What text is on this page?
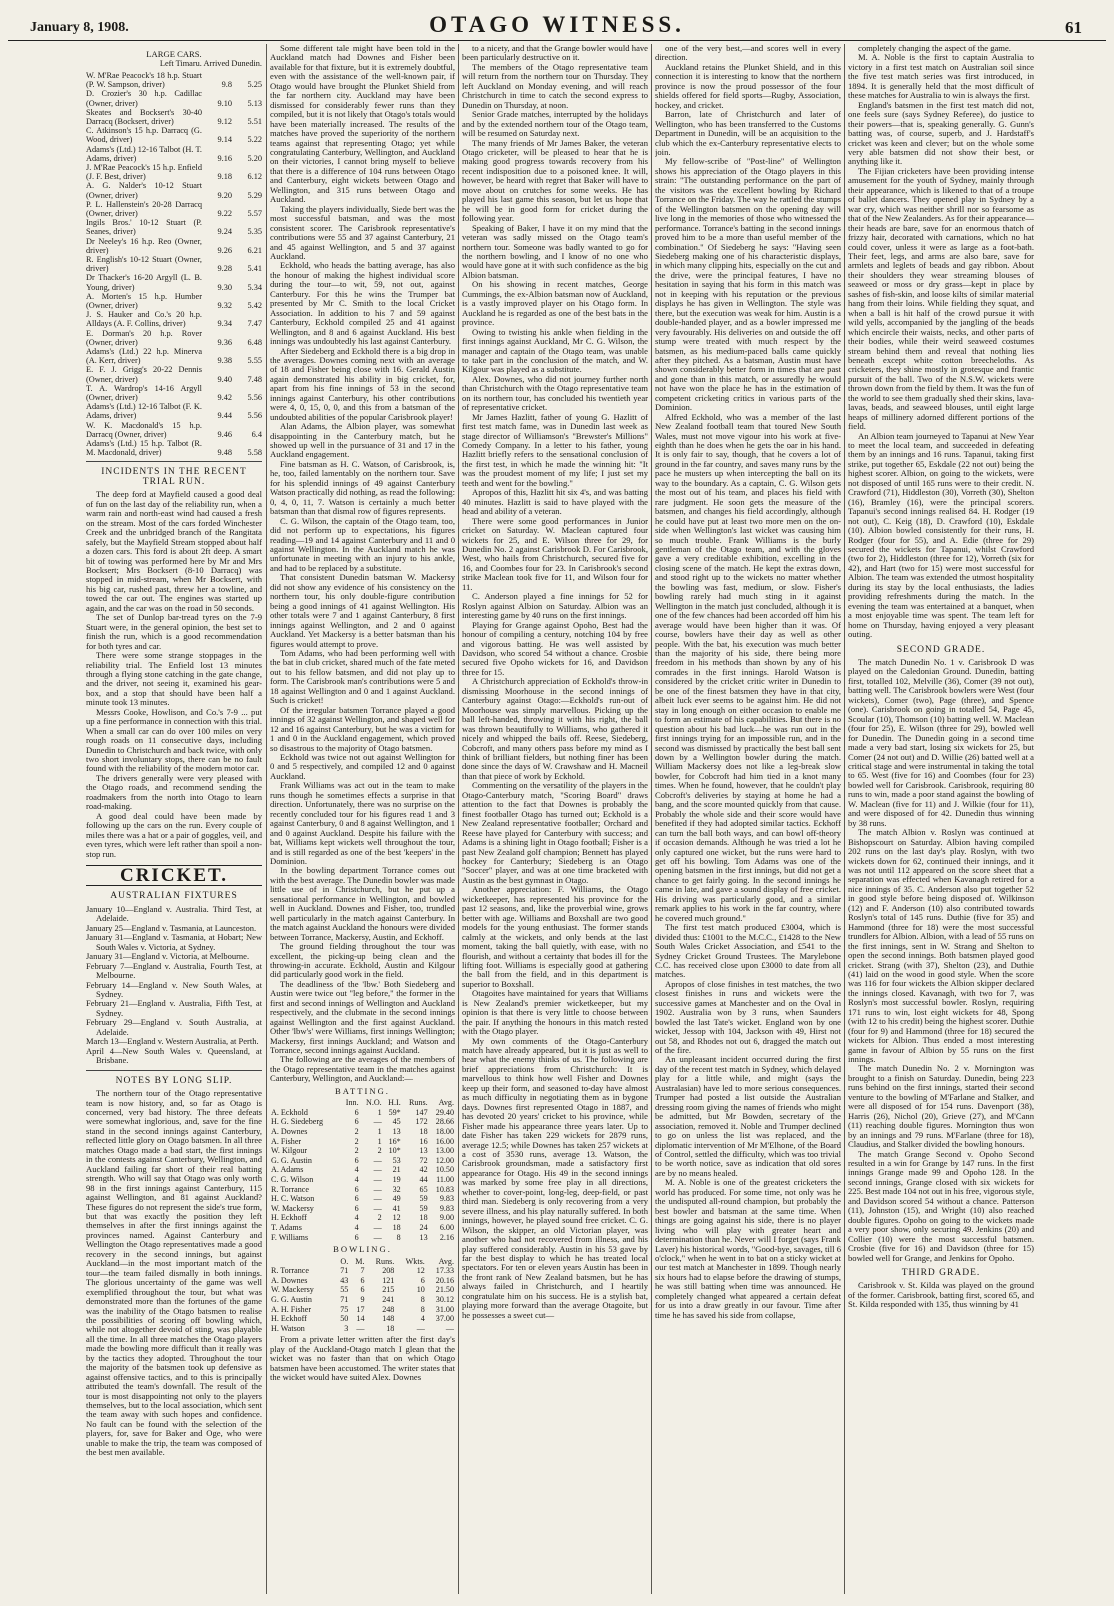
January 8, 1908.	OTAGO WITNESS.	61
LARGE CARS.
Left Timaru. Arrived Dunedin.
W. M'Rae Peacock's 18 h.p. Stuart (P. W. Sampson, driver)	9.8	5.25
D. Crozier's 30 h.p. Cadillac (Owner, driver)	9.10	5.13
Skeates and Bocksert's 30-40 Darracq (Bocksert, driver)	9.12	5.51
C. Atkinson's 15 h.p. Darracq (G. Wood, driver)	9.14	5.22
Adams's (Ltd.) 12-16 Talbot (H. T. Adams, driver)	9.16	5.20
J. M'Rae Peacock's 15 h.p. Enfield (J. F. Best, driver)	9.18	6.12
A. G. Nalder's 10-12 Stuart (Owner, driver)	9.20	5.29
P. L. Hallenstein's 20-28 Darracq (Owner, driver)	9.22	5.57
Ingils Bros.' 10-12 Stuart (P. Seanes, driver)	9.24	5.35
Dr Neeley's 16 h.p. Reo (Owner, driver)	9.26	6.21
R. English's 10-12 Stuart (Owner, driver)	9.28	5.41
Dr Thacker's 16-20 Argyll (L. B. Young, driver)	9.30	5.34
A. Morten's 15 h.p. Humber (Owner, driver)	9.32	5.42
J. S. Hauker and Co.'s 20 h.p. Alldays (A. F. Collins, driver)	9.34	7.47
E. Dorman's 20 h.p. Rover (Owner, driver)	9.36	6.48
Adams's (Ltd.) 22 h.p. Minerva (A. Kerr, driver)	9.38	5.55
E. F. J. Grigg's 20-22 Dennis (Owner, driver)	9.40	7.48
T. A. Wardrop's 14-16 Argyll (Owner, driver)	9.42	5.56
Adams's (Ltd.) 12-16 Talbot (F. K. Adams, driver)	9.44	5.56
W. K. Macdonald's 15 h.p. Darracq (Owner, driver)	9.46	6.4
Adams's (Ltd.) 15 h.p. Talbot (R. M. Macdonald, driver)	9.48	5.58
INCIDENTS IN THE RECENT TRIAL RUN.

The deep ford at Mayfield caused a good deal of fun on the last day of the reliability run, when a warm rain and north-east wind had caused a fresh on the stream. Most of the cars forded Winchester Creek and the unbridged branch of the Rangitata safely, but the Mayfield Stream stopped about half a dozen cars. This ford is about 2ft deep. A smart bit of towing was performed here by Mr and Mrs Bocksert; Mrs Bocksert (8-10 Darracq) was stopped in mid-stream, when Mr Bocksert, with his big car, rushed past, threw her a towline, and towed the car out. The engines was started up again, and the car was on the road in 50 seconds.

The set of Dunlop bar-tread tyres on the 7-9 Stuart were, in the general opinion, the best set to finish the run, which is a good recommendation for both tyres and car.

There were some strange stoppages in the reliability trial. The Enfield lost 13 minutes through a flying stone catching in the gate change, and the driver, not seeing it, examined his gear-box, and a stop that should have been half a minute took 13 minutes.

Messrs Cooke, Howlison, and Co.'s 7-9 ... put up a fine performance in connection with this trial. When a small car can do over 100 miles on very rough roads on 11 consecutive days, including Dunedin to Christchurch and back twice, with only two short involuntary stops, there can be no fault found with the reliability of the modern motor car.

The drivers generally were very pleased with the Otago roads, and recommend sending the roadmakers from the north into Otago to learn road-making.

A good deal could have been made by following up the cars on the run. Every couple of miles there was a hat or a pair of goggles, veil, and even tyres, which were left rather than spoil a non-stop run.

CRICKET.
AUSTRALIAN FIXTURES
January 10—England v. Australia. Third Test, at Adelaide.
January 25—England v. Tasmania, at Launceston.
January 31—England v. Tasmania, at Hobart; New South Wales v. Victoria, at Sydney.
January 31—England v. Victoria, at Melbourne.
February 7—England v. Australia, Fourth Test, at Melbourne.
February 14—England v. New South Wales, at Sydney.
February 21—England v. Australia, Fifth Test, at Sydney.
February 29—England v. South Australia, at Adelaide.
March 13—England v. Western Australia, at Perth.
April 4—New South Wales v. Queensland, at Brisbane.
NOTES BY LONG SLIP.

The northern tour of the Otago representative team is now history, and, so far as Otago is concerned, very bad history. The three defeats were somewhat inglorious, and, save for the fine stand in the second innings against Canterbury, reflected little glory on Otago batsmen. In all three matches Otago made a bad start, the first innings in the contests against Canterbury, Wellington, and Auckland failing far short of their real batting strength. Who will say that Otago was only worth 98 in the first innings against Canterbury, 115 against Wellington, and 81 against Auckland? These figures do not represent the side's true form, but that was exactly the position they left themselves in after the first innings against the provinces named. Against Canterbury and Wellington the Otago representatives made a good recovery in the second innings, but against Auckland—in the most important match of the tour—the team failed dismally in both innings. The glorious uncertainty of the game was well exemplified throughout the tour, but what was demonstrated more than the fortunes of the game was the inability of the Otago batsmen to realise the possibilities of scoring off bowling which, while not altogether devoid of sting, was playable all the time. In all three matches the Otago players made the bowling more difficult than it really was by the tactics they adopted. Throughout the tour the majority of the batsmen took up defensive as against offensive tactics, and to this is principally attributed the team's downfall. The result of the tour is most disappointing not only to the players themselves, but to the local association, which sent the team away with such hopes and confidence. No fault can be found with the selection of the players, for, save for Baker and Oge, who were unable to make the trip, the team was composed of the best men available.

Some different tale might have been told in the Auckland match had Downes and Fisher been available for that fixture, but it is extremely doubtful, even with the assistance of the well-known pair, if Otago would have brought the Plunket Shield from the far northern city. Auckland may have been dismissed for considerably fewer runs than they compiled, but it is not likely that Otago's totals would have been materially increased. The results of the matches have proved the superiority of the northern teams against that representing Otago; yet while congratulating Canterbury, Wellington, and Auckland on their victories, I cannot bring myself to believe that there is a difference of 104 runs between Otago and Canterbury, eight wickets between Otago and Wellington, and 315 runs between Otago and Auckland.

Taking the players individually, Siede bert was the most successful batsman, and was the most consistent scorer. The Carisbrook representative's contributions were 55 and 37 against Canterbury, 21 and 45 against Wellington, and 5 and 37 against Auckland.

Eckhold, who heads the batting average, has also the honour of making the highest individual score during the tour—to wit, 59, not out, against Canterbury. For this he wins the Trumper bat presented by Mr C. Smith to the local Cricket Association. In addition to his 7 and 59 against Canterbury, Eckhold compiled 25 and 41 against Wellington, and 8 and 6 against Auckland. His best innings was undoubtedly his last against Canterbury.

After Siedeberg and Eckhold there is a big drop in the averages. Downes coming next with an average of 18 and Fisher being close with 16. Gerald Austin again demonstrated his ability in big cricket, for, apart from his fine innings of 53 in the second innings against Canterbury, his other contributions were 4, 0, 15, 0, 0, and this from a batsman of the undoubted abilities of the popular Carisbrook player!

Alan Adams, the Albion player, was somewhat disappointing in the Canterbury match, but he showed up well in the pursuance of 31 and 17 in the Auckland engagement.

Fine batsman as H. C. Watson, of Carisbrook, is, he, too, failed lamentably on the northern tour. Save for his splendid innings of 49 against Canterbury Watson practically did nothing, as read the following: 0, 4, 0, 11, 7. Watson is certainly a much better batsman than that dismal row of figures represents.

C. G. Wilson, the captain of the Otago team, too, did not perform up to expectations, his figures reading—19 and 14 against Canterbury and 11 and 0 against Wellington. In the Auckland match he was unfortunate in meeting with an injury to his ankle, and had to be replaced by a substitute.

That consistent Dunedin batsman W. Mackersy did not show any evidence of his consistency on the northern tour, his only double-figure contribution being a good innings of 41 against Wellington. His other totals were 7 and 1 against Canterbury, 8 first innings against Wellington, and 2 and 0 against Auckland. Yet Mackersy is a better batsman than his figures would attempt to prove.

Tom Adams, who had been performing well with the bat in club cricket, shared much of the fate meted out to his fellow batsmen, and did not play up to form. The Carisbrook man's contributions were 5 and 18 against Wellington and 0 and 1 against Auckland. Such is cricket!

Of the irregular batsmen Torrance played a good innings of 32 against Wellington, and shaped well for 12 and 16 against Canterbury, but he was a victim for 1 and 0 in the Auckland engagement, which proved so disastrous to the majority of Otago batsmen.

Eckhold was twice not out against Wellington for 0 and 5 respectively, and compiled 12 and 0 against Auckland.

Frank Williams was act out in the team to make runs though he sometimes effects a surprise in that direction. Unfortunately, there was no surprise on the recently concluded tour for his figures read 1 and 3 against Canterbury, 0 and 8 against Wellington, and 1 and 0 against Auckland. Despite his failure with the bat, Williams kept wickets well throughout the tour, and is still regarded as one of the best 'keepers' in the Dominion.

In the bowling department Torrance comes out with the best average. The Dunedin bowler was made little use of in Christchurch, but he put up a sensational performance in Wellington, and bowled well in Auckland. Downes and Fisher, too, trundled well particularly in the match against Canterbury. In the match against Auckland the honours were divided between Torrance, Mackersy, Austin, and Eckhoff.

The ground fielding throughout the tour was excellent, the picking-up being clean and the throwing-in accurate. Eckhold, Austin and Kilgour did particularly good work in the field.

The deadliness of the 'lbw.' Both Siedeberg and Austin were twice out "leg before," the former in the first and second innings of Wellington and Auckland respectively, and the clubmate in the second innings against Wellington and the first against Auckland. Other 'lbw's' were Williams, first innings Wellington; Mackersy, first innings Auckland; and Watson and Torrance, second innings against Auckland.

The following are the averages of the members of the Otago representative team in the matches against Canterbury, Wellington, and Auckland:—

BATTING.
	Inn.	N.O.	H.I.	Runs.	Avg.
A. Eckhold	6	1	59*	147	29.40
H. G. Siedeberg	6	—	45	172	28.66
A. Downes	2	1	13	18	18.00
A. Fisher	2	1	16*	16	16.00
W. Kilgour	2	2	10*	13	13.00
G. G. Austin	6	—	53	72	12.00
A. Adams	4	—	21	42	10.50
C. G. Wilson	4	—	19	44	11.00
R. Torrance	6	—	32	65	10.83
H. C. Watson	6	—	49	59	9.83
W. Mackersy	6	—	41	59	9.83
H. Eckhoff	4	2	12	18	9.00
T. Adams	4	—	18	24	6.00
F. Williams	6	—	8	13	2.16
BOWLING.
	O.	M.	Runs.	Wkts.	Avg.
R. Torrance	71	7	208	12	17.33
A. Downes	43	6	121	6	20.16
W. Mackersy	55	6	215	10	21.50
G. G. Austin	71	9	241	8	30.12
A. H. Fisher	75	17	248	8	31.00
H. Eckhoff	50	14	148	4	37.00
H. Watson	3	—	18	—	—

From a private letter written after the first day's play of the Auckland-Otago match I glean that the wicket was no faster than that on which Otago batsmen have been accustomed. The writer states that the wicket would have suited Alex. Downes

to a nicety, and that the Grange bowler would have been particularly destructive on it.

The members of the Otago representative team will return from the northern tour on Thursday. They left Auckland on Monday evening, and will reach Christchurch in time to catch the second express to Dunedin on Thursday, at noon.

Senior Grade matches, interrupted by the holidays and by the extended northern tour of the Otago team, will be resumed on Saturday next.

The many friends of Mr James Baker, the veteran Otago cricketer, will be pleased to hear that he is making good progress towards recovery from his recent indisposition due to a poisoned knee. It will, however, be heard with regret that Baker will have to move about on crutches for some weeks. He has played his last game this season, but let us hope that he will be in good form for cricket during the following year.

Speaking of Baker, I have it on my mind that the veteran was sadly missed on the Otago team's northern tour. Someone was badly wanted to go for the northern bowling, and I know of no one who would have gone at it with such confidence as the big Albion batsman.

On his showing in recent matches, George Cummings, the ex-Albion batsman now of Auckland, is a vastly improved player on his Otago form. In Auckland he is regarded as one of the best bats in the province.

Owing to twisting his ankle when fielding in the first innings against Auckland, Mr C. G. Wilson, the manager and captain of the Otago team, was unable to take part in the conclusion of the match, and W. Kilgour was played as a substitute.

Alex. Downes, who did not journey further north than Christchurch with the Otago representative team on its northern tour, has concluded his twentieth year of representative cricket.

Mr James Hazlitt, father of young G. Hazlitt of first test match fame, was in Dunedin last week as stage director of Williamson's "Brewster's Millions" Comedy Company. In a letter to his father, young Hazlitt briefly refers to the sensational conclusion of the first test, in which he made the winning hit: "It was the proudest moment of my life; I just set my teeth and went for the bowling."

Apropos of this, Hazlitt hit six 4's, and was batting 40 minutes. Hazlitt is said to have played with the head and ability of a veteran.

There were some good performances in Junior cricket on Saturday. W. Maclean captured four wickets for 25, and E. Wilson three for 29, for Dunedin No. 2 against Carisbrook D. For Carisbrook, West, who hails from Christchurch, secured five for 16, and Coombes four for 23. In Carisbrook's second strike Maclean took five for 11, and Wilson four for 11.

C. Anderson played a fine innings for 52 for Roslyn against Albion on Saturday. Albion was an interesting game by 40 runs on the first innings.

Playing for Grange against Opoho, Best had the honour of compiling a century, notching 104 by free and vigorous batting. He was well assisted by Davidson, who scored 54 without a chance. Crosbie secured five Opoho wickets for 16, and Davidson three for 15.

A Christchurch appreciation of Eckhold's throw-in dismissing Moorhouse in the second innings of Canterbury against Otago:—Eckhold's run-out of Moorhouse was simply marvellous. Picking up the ball left-handed, throwing it with his right, the ball was thrown beautifully to Williams, who gathered it nicely and whipped the bails off. Reese, Siedeberg, Cobcroft, and many others pass before my mind as I think of brilliant fielders, but nothing finer has been done since the days of W. Crawshaw and H. Macneil than that piece of work by Eckhold.

Commenting on the versatility of the players in the Otago-Canterbury match, "Scoring Board" draws attention to the fact that Downes is probably the finest footballer Otago has turned out; Eckhold is a New Zealand representative footballer; Orchard and Reese have played for Canterbury with success; and Adams is a shining light in Otago football; Fisher is a past New Zealand golf champion; Bennett has played hockey for Canterbury; Siedeberg is an Otago "Soccer" player, and was at one time bracketed with Austin as the best gymnast in Otago.

Another appreciation: F. Williams, the Otago wicketkeeper, has represented his province for the past 12 seasons, and, like the proverbial wine, grows better with age. Williams and Boxshall are two good models for the young enthusiast. The former stands calmly at the wickets, and only bends at the last moment, taking the ball quietly, with ease, with no flourish, and without a certainty that bodes ill for the lifting foot. Williams is especially good at gathering the ball from the field, and in this department is superior to Boxshall.

Otagoites have maintained for years that Williams is New Zealand's premier wicketkeeper, but my opinion is that there is very little to choose between the pair. If anything the honours in this match rested with the Otago player.

My own comments of the Otago-Canterbury match have already appeared, but it is just as well to hear what the enemy thinks of us. The following are brief appreciations from Christchurch: It is marvellous to think how well Fisher and Downes keep up their form, and seasoned to-day have almost as much difficulty in negotiating them as in bygone days. Downes first represented Otago in 1887, and has devoted 20 years' cricket to his province, while Fisher made his appearance three years later. Up to date Fisher has taken 229 wickets for 2879 runs, average 12.5; while Downes has taken 257 wickets at a cost of 3530 runs, average 13. Watson, the Carisbrook groundsman, made a satisfactory first appearance for Otago. His 49 in the second innings was marked by some free play in all directions, whether to cover-point, long-leg, deep-field, or past third man. Siedeberg is only recovering from a very severe illness, and his play naturally suffered. In both innings, however, he played sound free cricket. C. G. Wilson, the skipper, an old Victorian player, was another who had not recovered from illness, and his play suffered considerably. Austin in his 53 gave by far the best display to which he has treated local spectators. For ten or eleven years Austin has been in the front rank of New Zealand batsmen, but he has always failed in Christchurch, and I heartily congratulate him on his success. He is a stylish bat, playing more forward than the average Otagoite, but he possesses a sweet cut—

one of the very best,—and scores well in every direction.

Auckland retains the Plunket Shield, and in this connection it is interesting to know that the northern province is now the proud possessor of the four shields offered for field sports—Rugby, Association, hockey, and cricket.

Barron, late of Christchurch and later of Wellington, who has been transferred to the Customs Department in Dunedin, will be an acquisition to the club which the ex-Canterbury representative elects to join.

My fellow-scribe of "Post-line" of Wellington shows his appreciation of the Otago players in this strain: "The outstanding performance on the part of the visitors was the excellent bowling by Richard Torrance on the Friday. The way he rattled the stumps of the Wellington batsmen on the opening day will live long in the memories of those who witnessed the performance. Torrance's batting in the second innings proved him to be a more than useful member of the combination." Of Siedeberg he says: "Having seen Siedeberg making one of his characteristic displays, in which many clipping hits, especially on the cut and the drive, were the principal features, I have no hesitation in saying that his form in this match was not in keeping with his reputation or the previous displays he has given in Wellington. The style was there, but the execution was weak for him. Austin is a double-handed player, and as a bowler impressed me very favourably. His deliveries on and outside the off stump were treated with much respect by the batsmen, as his medium-paced balls came quickly after they pitched. As a batsman, Austin must have shown considerably better form in times that are past and gone than in this match, or assuredly he would not have won the place he has in the estimation of competent cricketing critics in various parts of the Dominion.

Alfred Eckhold, who was a member of the last New Zealand football team that toured New South Wales, must not move vigour into his work at five-eighth than he does when he gets the oar in his hand. It is only fair to say, though, that he covers a lot of ground in the far country, and saves many runs by the pace he musters up when intercepting the ball on its way to the boundary. As a captain, C. G. Wilson gets the most out of his team, and places his field with rare judgment. He soon gets the measure of the batsmen, and changes his field accordingly, although he could have put at least two more men on the on-side when Wellington's last wicket was causing him so much trouble. Frank Williams is the burly gentleman of the Otago team, and with the gloves gave a very creditable exhibition, excelling in the closing scene of the match. He kept the extras down, and stood right up to the wickets no matter whether the bowling was fast, medium, or slow. Fisher's bowling rarely had much sting in it against Wellington in the match just concluded, although it is one of the few chances had been accorded off him his average would have been higher than it was. Of course, bowlers have their day as well as other people. With the bat, his execution was much better than the majority of his side, there being more freedom in his methods than shown by any of his comrades in the first innings. Harold Watson is considered by the cricket critic writer in Dunedin to be one of the finest batsmen they have in that city, albeit luck ever seems to be against him. He did not stay in long enough on either occasion to enable me to form an estimate of his capabilities. But there is no question about his bad luck—he was run out in the first innings trying for an impossible run, and in the second was dismissed by practically the best ball sent down by a Wellington bowler during the match. William Mackersy does not like a leg-break slow bowler, for Cobcroft had him tied in a knot many times. When he found, however, that he couldn't play Cobcroft's deliveries by staying at home he had a bang, and the score mounted quickly from that cause. Probably the whole side and their score would have benefited if they had adopted similar tactics. Eckhoff can turn the ball both ways, and can bowl off-theory if occasion demands. Although he was tried a lot he only captured one wicket, but the runs were hard to get off his bowling. Tom Adams was one of the opening batsmen in the first innings, but did not get a chance to get fairly going. In the second innings he came in late, and gave a sound display of free cricket. His driving was particularly good, and a similar remark applies to his work in the far country, where he covered much ground."

The first test match produced £3004, which is divided thus: £1001 to the M.C.C., £1428 to the New South Wales Cricket Association, and £541 to the Sydney Cricket Ground Trustees. The Marylebone C.C. has received close upon £3000 to date from all matches.

Apropos of close finishes in test matches, the two closest finishes in runs and wickets were the successive games at Manchester and on the Oval in 1902. Australia won by 3 runs, when Saunders bowled the last Tate's wicket. England won by one wicket, Jessop with 104, Jackson with 49, Hirst not out 58, and Rhodes not out 6, dragged the match out of the fire.

An unpleasant incident occurred during the first day of the recent test match in Sydney, which delayed play for a little while, and might (says the Australasian) have led to more serious consequences. Trumper had posted a list outside the Australian dressing room giving the names of friends who might be admitted, but Mr Bowden, secretary of the association, removed it. Noble and Trumper declined to go on unless the list was replaced, and the diplomatic intervention of Mr M'Elhone, of the Board of Control, settled the difficulty, which was too trivial to be worth notice, save as indication that old sores are by no means healed.

M. A. Noble is one of the greatest cricketers the world has produced. For some time, not only was he the undisputed all-round champion, but probably the best bowler and batsman at the same time. When things are going against his side, there is no player living who will play with greater heart and determination than he. Never will I forget (says Frank Laver) his historical words, "Good-bye, savages, till 6 o'clock," when he went in to bat on a sticky wicket at our test match at Manchester in 1899. Though nearly six hours had to elapse before the drawing of stumps, he was still batting when time was announced. He completely changed what appeared a certain defeat for us into a draw greatly in our favour. Time after time he has saved his side from collapse,

completely changing the aspect of the game.

M. A. Noble is the first to captain Australia to victory in a first test match on Australian soil since the five test match series was first introduced, in 1894. It is generally held that the most difficult of these matches for Australia to win is always the first.

England's batsmen in the first test match did not, one feels sure (says Sydney Referee), do justice to their powers—that is, speaking generally. G. Gunn's batting was, of course, superb, and J. Hardstaff's cricket was keen and clever; but on the whole some very able batsmen did not show their best, or anything like it.

The Fijian cricketers have been providing intense amusement for the youth of Sydney, mainly through their appearance, which is likened to that of a troupe of ballet dancers. They opened play in Sydney by a war cry, which was neither shrill nor so fearsome as that of the New Zealanders. As for their appearance—their heads are bare, save for an enormous thatch of frizzy hair, decorated with carnations, which no hat could cover, unless it were as large as a foot-bath. Their feet, legs, and arms are also bare, save for armlets and leglets of beads and gay ribbon. About their shoulders they wear streaming blouses of seaweed or moss or dry grass—kept in place by sashes of fish-skin, and loose kilts of similar material hang from their loins. While fielding they squat, and when a ball is hit half of the crowd pursue it with wild yells, accompanied by the jangling of the beads which encircle their waists, necks, and other parts of their bodies, while their weird seaweed costumes stream behind them and reveal that nothing lies beneath except white cotton breecheloths. As cricketers, they shine mostly in grotesque and frantic pursuit of the ball. Two of the N.S.W. wickets were thrown down from the field by them. It was the fun of the world to see them gradually shed their skins, lava-lavas, beads, and seaweed blouses, until eight large heaps of millinery adorned different portions of the field.

An Albion team journeyed to Tapanui at New Year to meet the local team, and succeeded in defeating them by an innings and 16 runs. Tapanui, taking first strike, put together 65, Eskdale (22 not out) being the highest scorer. Albion, on going to the wickets, were not disposed of until 165 runs were to their credit. N. Crawford (71), Hiddleston (30), Vorreth (30), Shelton (16), Bramley (16), were the principal scorers. Tapanui's second innings realised 84. H. Rodger (19 not out), C. Keig (18), D. Crawford (10), Eskdale (10). Albion bowled consistently for their runs, H. Rodger (four for 55), and A. Edie (three for 29) secured the wickets for Tapanui, whilst Crawford (two for 2), Hiddleston (three for 12), Vorreth (six for 42), and Hart (two for 15) were most successful for Albion. The team was extended the utmost hospitality during its stay by the local enthusiasts, the ladies providing refreshments during the match. In the evening the team was entertained at a banquet, when a most enjoyable time was spent. The team left for home on Thursday, having enjoyed a very pleasant outing.

SECOND GRADE.

The match Dunedin No. 1 v. Carisbrook D was played on the Caledonian Ground. Dunedin, batting first, totalled 102, Melville (36), Comer (39 not out), batting well. The Carisbrook bowlers were West (four wickets), Comer (two), Page (three), and Spence (one). Carisbrook on going in totalled 54, Page 45, Scoular (10), Thomson (10) batting well. W. Maclean (four for 25), E. Wilson (three for 29), bowled well for Dunedin. The Dunedin going in a second time made a very bad start, losing six wickets for 25, but Comer (24 not out) and D. Willie (26) batted well at a critical stage and were instrumental in taking the total to 65. West (five for 16) and Coombes (four for 23) bowled well for Carisbrook. Carisbrook, requiring 80 runs to win, made a poor stand against the bowling of W. Maclean (five for 11) and J. Wilkie (four for 11), and were disposed of for 42. Dunedin thus winning by 38 runs.

The match Albion v. Roslyn was continued at Bishopscourt on Saturday. Albion having compiled 202 runs on the last day's play. Roslyn, with two wickets down for 62, continued their innings, and it was not until 112 appeared on the score sheet that a separation was effected when Kavanagh retired for a nice innings of 35. C. Anderson also put together 52 in good style before being disposed of. Wilkinson (12) and F. Anderson (10) also contributed towards Roslyn's total of 145 runs. Duthie (five for 35) and Hammond (three for 18) were the most successful trundlers for Albion. Albion, with a lead of 55 runs on the first innings, sent in W. Strang and Shelton to open the second innings. Both batsmen played good cricket. Strang (with 37), Shelton (23), and Duthie (41) laid on the wood in good style. When the score was 116 for four wickets the Albion skipper declared the innings closed. Kavanagh, with two for 7, was Roslyn's most successful bowler. Roslyn, requiring 171 runs to win, lost eight wickets for 48, Spong (with 12 to his credit) being the highest scorer. Duthie (four for 9) and Hammond (three for 18) secured the wickets for Albion. Thus ended a most interesting game in favour of Albion by 55 runs on the first innings.

The match Dunedin No. 2 v. Mornington was brought to a finish on Saturday. Dunedin, being 223 runs behind on the first innings, started their second venture to the bowling of M'Farlane and Stalker, and were all disposed of for 154 runs. Davenport (38), Harris (26), Nichol (20), Grieve (27), and M'Cann (11) reaching double figures. Mornington thus won by an innings and 79 runs. M'Farlane (three for 18), Claudius, and Stalker divided the bowling honours.

The match Grange Second v. Opoho Second resulted in a win for Grange by 147 runs. In the first innings Grange made 99 and Opoho 128. In the second innings, Grange closed with six wickets for 225. Best made 104 not out in his free, vigorous style, and Davidson scored 54 without a chance. Patterson (11), Johnston (15), and Wright (10) also reached double figures. Opoho on going to the wickets made a very poor show, only securing 49. Jenkins (20) and Collier (10) were the most successful batsmen. Crosbie (five for 16) and Davidson (three for 15) bowled well for Grange, and Jenkins for Opoho.

THIRD GRADE.

Carisbrook v. St. Kilda was played on the ground of the former. Carisbrook, batting first, scored 65, and St. Kilda responded with 135, thus winning by 41
